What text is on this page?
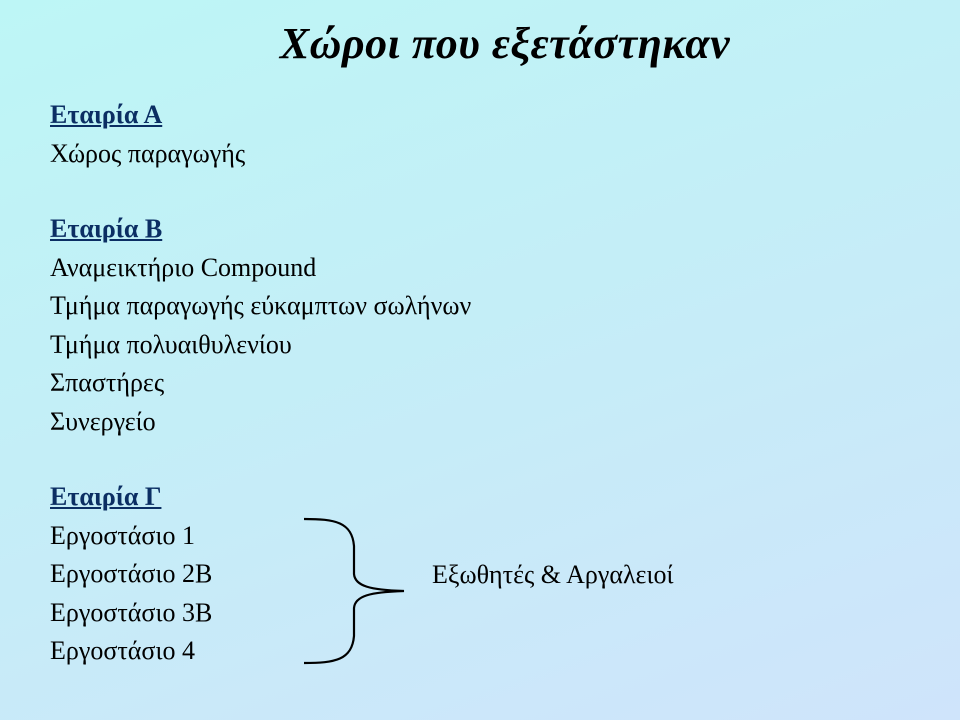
Χώροι που εξετάστηκαν
Εταιρία Α
Χώρος παραγωγής
Εταιρία Β
Αναμεικτήριο Compound
Τμήμα παραγωγής εύκαμπτων σωλήνων
Τμήμα πολυαιθυλενίου
Σπαστήρες
Συνεργείο
Εταιρία Γ
Εργοστάσιο 1
Εργοστάσιο 2Β
Εργοστάσιο 3Β
Εργοστάσιο 4
Εξωθητές & Αργαλειοί
